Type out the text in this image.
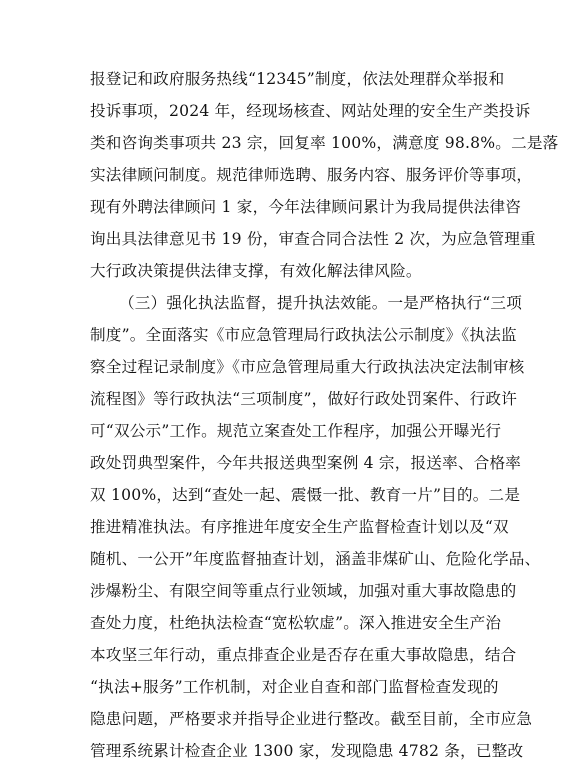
报登记和政府服务热线“12345”制度，依法处理群众举报和
投诉事项，2024 年，经现场核查、网站处理的安全生产类投诉
类和咨询类事项共 23 宗，回复率 100%，满意度 98.8%。二是落
实法律顾问制度。规范律师选聘、服务内容、服务评价等事项，
现有外聘法律顾问 1 家，今年法律顾问累计为我局提供法律咨
询出具法律意见书 19 份，审查合同合法性 2 次，为应急管理重
大行政决策提供法律支撑，有效化解法律风险。
（三）强化执法监督，提升执法效能。一是严格执行“三项
制度”。全面落实《市应急管理局行政执法公示制度》《执法监
察全过程记录制度》《市应急管理局重大行政执法决定法制审核
流程图》等行政执法“三项制度”，做好行政处罚案件、行政许
可“双公示”工作。规范立案查处工作程序，加强公开曝光行
政处罚典型案件，今年共报送典型案例 4 宗，报送率、合格率
双 100%，达到“查处一起、震慑一批、教育一片”目的。二是
推进精准执法。有序推进年度安全生产监督检查计划以及“双
随机、一公开”年度监督抽查计划，涵盖非煤矿山、危险化学品、
涉爆粉尘、有限空间等重点行业领域，加强对重大事故隐患的
查处力度，杜绝执法检查“宽松软虚”。深入推进安全生产治
本攻坚三年行动，重点排查企业是否存在重大事故隐患，结合
“执法+服务”工作机制，对企业自查和部门监督检查发现的
隐患问题，严格要求并指导企业进行整改。截至目前，全市应急
管理系统累计检查企业 1300 家，发现隐患 4782 条，已整改
